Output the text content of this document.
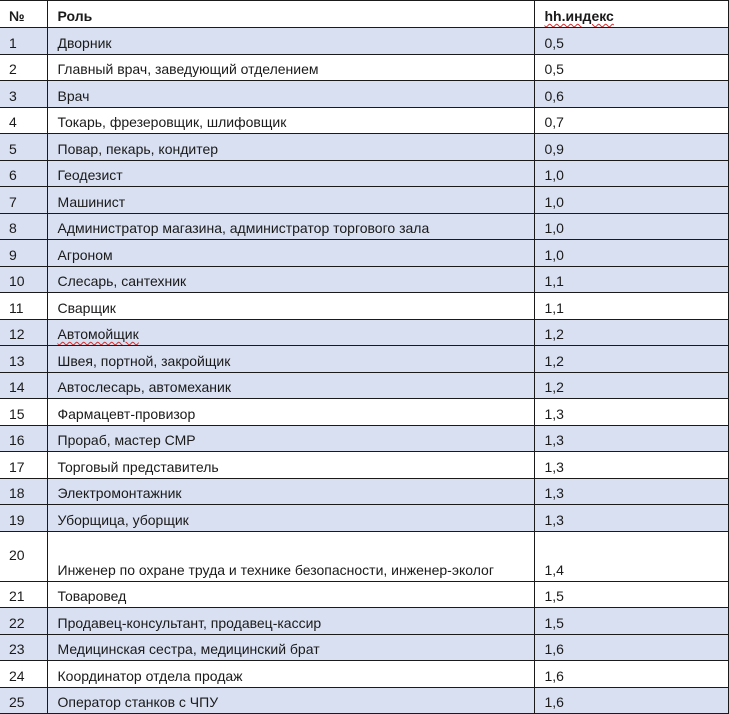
№	Роль	hh.индекс
1	Дворник	0,5
2	Главный врач, заведующий отделением	0,5
3	Врач	0,6
4	Токарь, фрезеровщик, шлифовщик	0,7
5	Повар, пекарь, кондитер	0,9
6	Геодезист	1,0
7	Машинист	1,0
8	Администратор магазина, администратор торгового зала	1,0
9	Агроном	1,0
10	Слесарь, сантехник	1,1
11	Сварщик	1,1
12	Автомойщик	1,2
13	Швея, портной, закройщик	1,2
14	Автослесарь, автомеханик	1,2
15	Фармацевт-провизор	1,3
16	Прораб, мастер СМР	1,3
17	Торговый представитель	1,3
18	Электромонтажник	1,3
19	Уборщица, уборщик	1,3
20	Инженер по охране труда и технике безопасности, инженер-эколог	1,4
21	Товаровед	1,5
22	Продавец-консультант, продавец-кассир	1,5
23	Медицинская сестра, медицинский брат	1,6
24	Координатор отдела продаж	1,6
25	Оператор станков с ЧПУ	1,6
